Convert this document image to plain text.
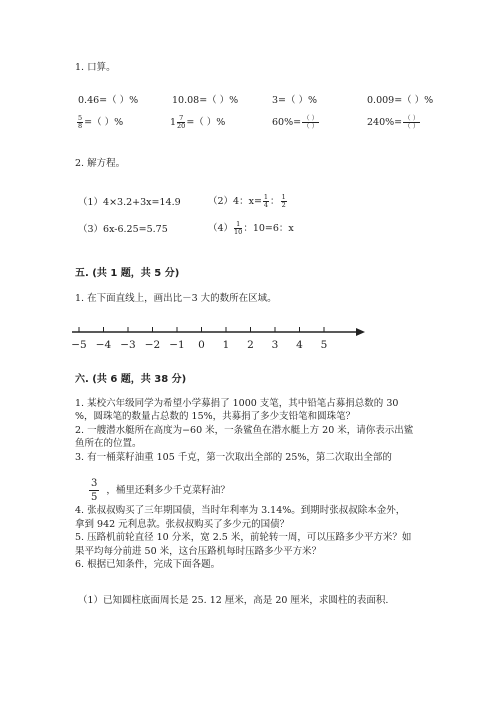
1. 口算。
0.46=（ ）%	10.08=（ ）%	3=（ ）%	0.009=（ ）%
$\frac{5}{8}$ =（ ）%	$1 \frac{7}{20}$ =（ ）%	$60\%= \frac{( )}{( )}$	$240\%= \frac{( )}{( )}$
2. 解方程。
（1）4×3.2+3x=14.9	（2）4：$x= \frac{1}{4}$ ： $\frac{1}{2}$
（3）6x-6.25=5.75	$(4) \frac{1}{10}$ ：10=6：x
五. (共 1 题，共 5 分)
1. 在下面直线上，画出比－3 大的数所在区域。
−5 −4 −3 −2 −1 0 1 2 3 4 5
六. (共 6 题，共 38 分)
1. 某校六年级同学为希望小学募捐了 1000 支笔，其中铅笔占募捐总数的 30
%，圆珠笔的数量占总数的 15%，共募捐了多少支铅笔和圆珠笔？
2. 一艘潜水艇所在高度为−60 米，一条鲨鱼在潜水艇上方 20 米，请你表示出鲨
鱼所在的位置。
3. 有一桶菜籽油重 105 千克，第一次取出全部的 25%，第二次取出全部的
$\frac{3}{5}$ ，桶里还剩多少千克菜籽油？
4. 张叔叔购买了三年期国债，当时年利率为 3.14%。到期时张叔叔除本金外，
拿到 942 元利息款。张叔叔购买了多少元的国债？
5. 压路机前轮直径 10 分米，宽 2.5 米，前轮转一周，可以压路多少平方米？如
果平均每分前进 50 米，这台压路机每时压路多少平方米？
6. 根据已知条件，完成下面各题。
（1）已知圆柱底面周长是 25. 12 厘米，高是 20 厘米，求圆柱的表面积.
